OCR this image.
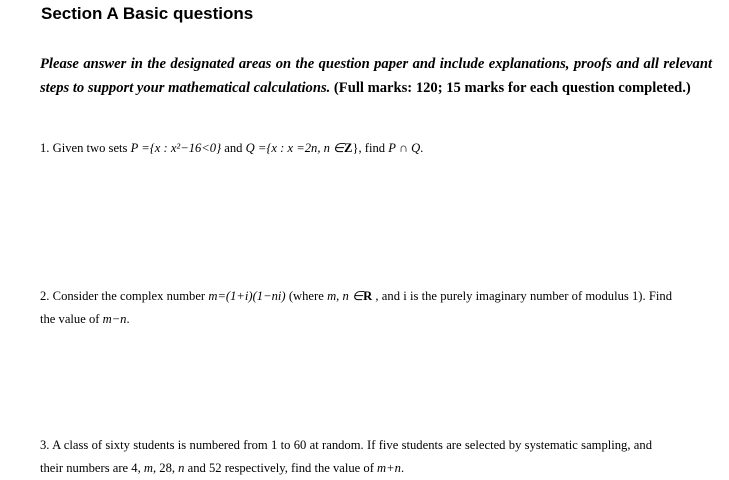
Section A Basic questions

Please answer in the designated areas on the question paper and include explanations, proofs and all relevant steps to support your mathematical calculations. (Full marks: 120; 15 marks for each question completed.)

1. Given two sets P ={x : x²−16<0} and Q ={x : x =2n, n ∈Z}, find P ∩ Q.

2. Consider the complex number m=(1+i)(1−ni) (where m, n ∈R , and i is the purely imaginary number of modulus 1). Find the value of m−n.

3. A class of sixty students is numbered from 1 to 60 at random. If five students are selected by systematic sampling, and their numbers are 4, m, 28, n and 52 respectively, find the value of m+n.
